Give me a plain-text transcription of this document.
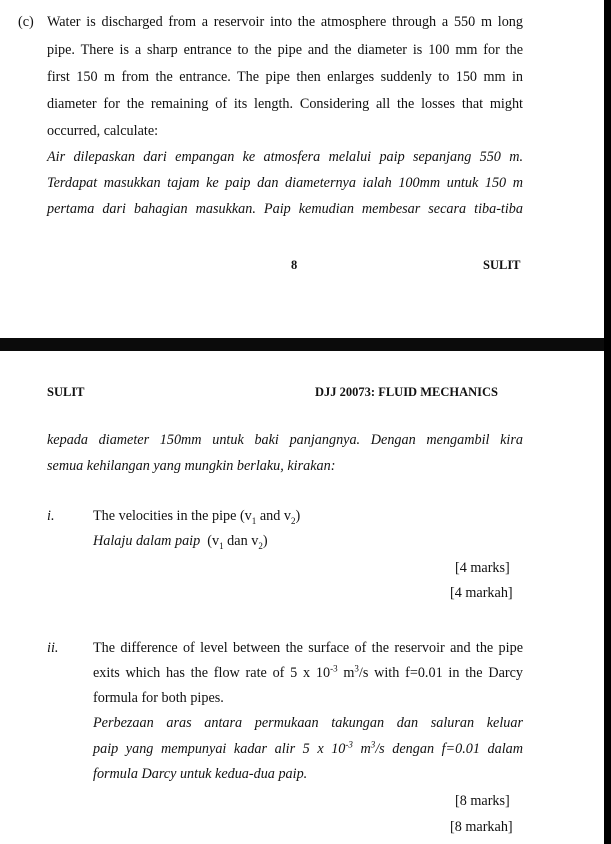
(c) Water is discharged from a reservoir into the atmosphere through a 550 m long
pipe. There is a sharp entrance to the pipe and the diameter is 100 mm for the
first 150 m from the entrance. The pipe then enlarges suddenly to 150 mm in
diameter for the remaining of its length. Considering all the losses that might
occurred, calculate:
Air dilepaskan dari empangan ke atmosfera melalui paip sepanjang 550 m.
Terdapat masukkan tajam ke paip dan diameternya ialah 100mm untuk 150 m
pertama dari bahagian masukkan. Paip kemudian membesar secara tiba-tiba
8	SULIT
SULIT	DJJ 20073: FLUID MECHANICS
kepada diameter 150mm untuk baki panjangnya. Dengan mengambil kira
semua kehilangan yang mungkin berlaku, kirakan:
i.	The velocities in the pipe ($v_1$ and $v_2$)
Halaju dalam paip ($v_1$ dan $v_2$)
[4 marks]
[4 markah]
ii. The difference of level between the surface of the reservoir and the pipe
exits which has the flow rate of 5 x $10^{-3}$ $m^3/s$ with f=0.01 in the Darcy
formula for both pipes.
Perbezaan aras antara permukaan takungan dan saluran keluar
paip yang mempunyai kadar alir 5 x $10^{-3}$ $m^3/s$ dengan f=0.01 dalam
formula Darcy untuk kedua-dua paip.
[8 marks]
[8 markah]
